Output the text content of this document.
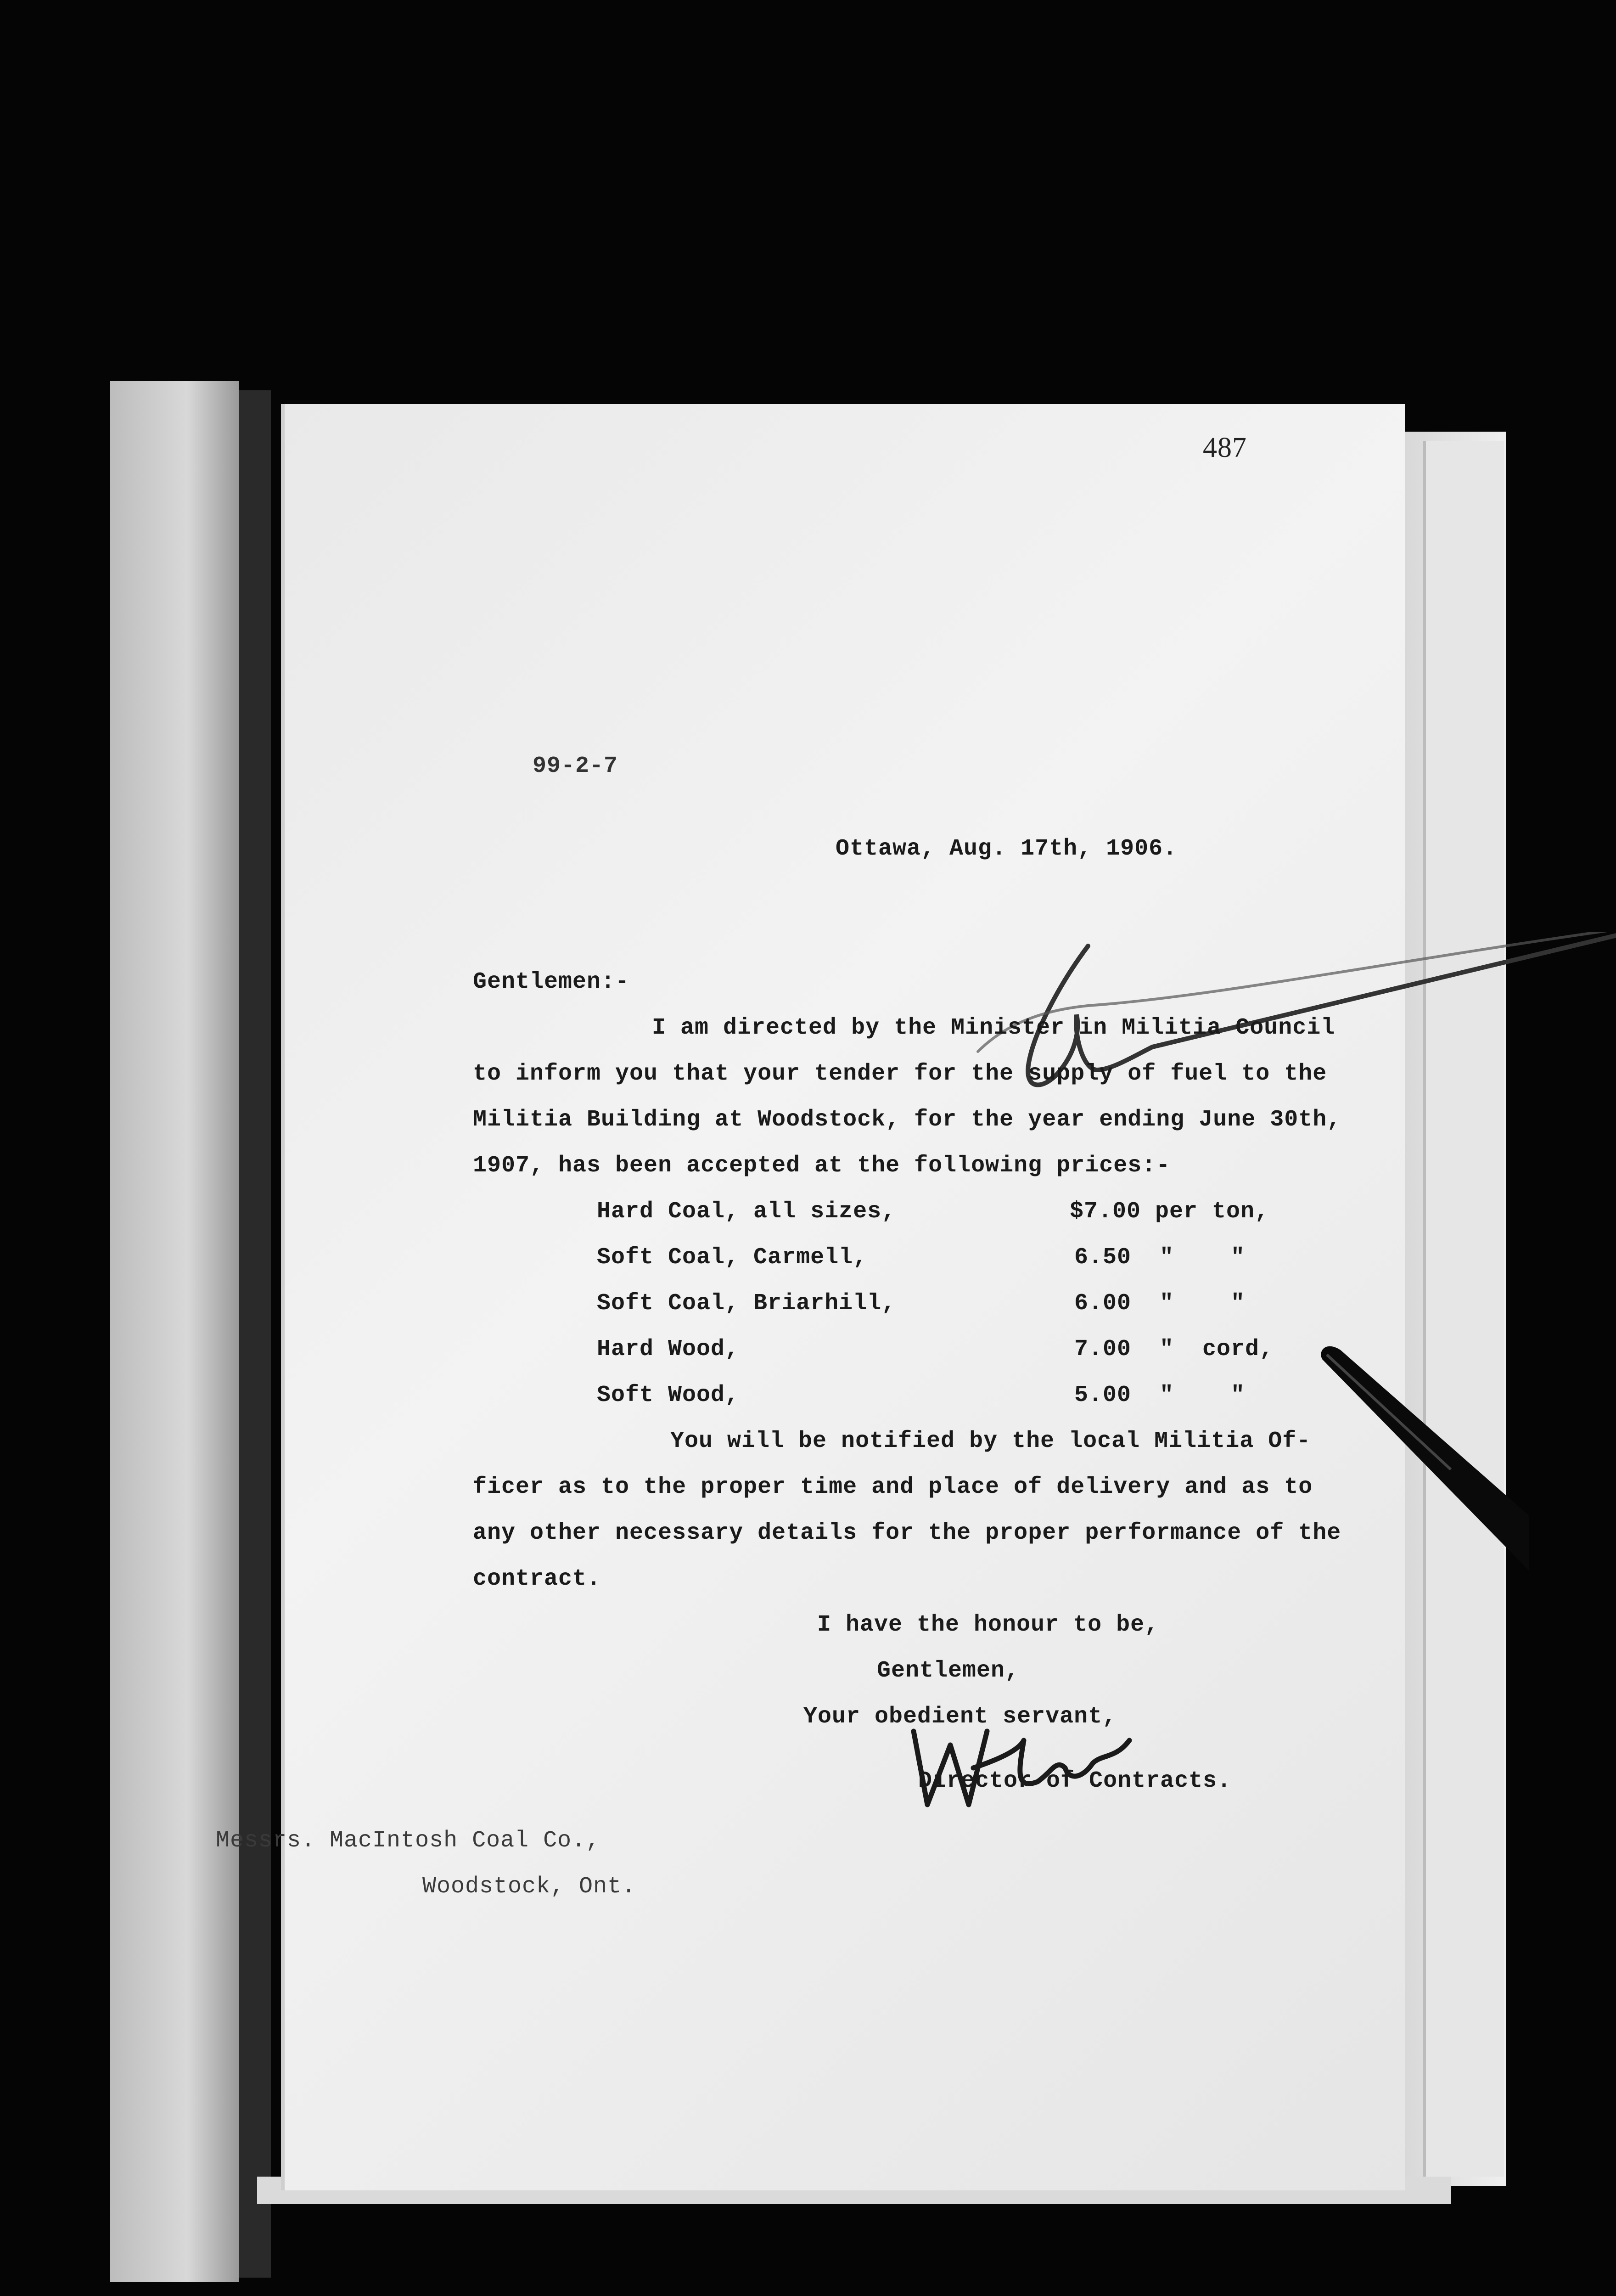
487
99-2-7
Ottawa, Aug. 17th, 1906.
Gentlemen:-
I am directed by the Minister in Militia Council
to inform you that your tender for the supply of fuel to the
Militia Building at Woodstock, for the year ending June 30th,
1907, has been accepted at the following prices:-
Hard Coal, all sizes,	$7.00 per ton,
Soft Coal, Carmell,	6.50  "    "
Soft Coal, Briarhill,	6.00  "    "
Hard Wood,	7.00  "  cord,
Soft Wood,	5.00  "    "
You will be notified by the local Militia Of-
ficer as to the proper time and place of delivery and as to
any other necessary details for the proper performance of the
contract.
I have the honour to be,
Gentlemen,
Your obedient servant,
Director of Contracts.
Messrs. MacIntosh Coal Co.,
Woodstock, Ont.
